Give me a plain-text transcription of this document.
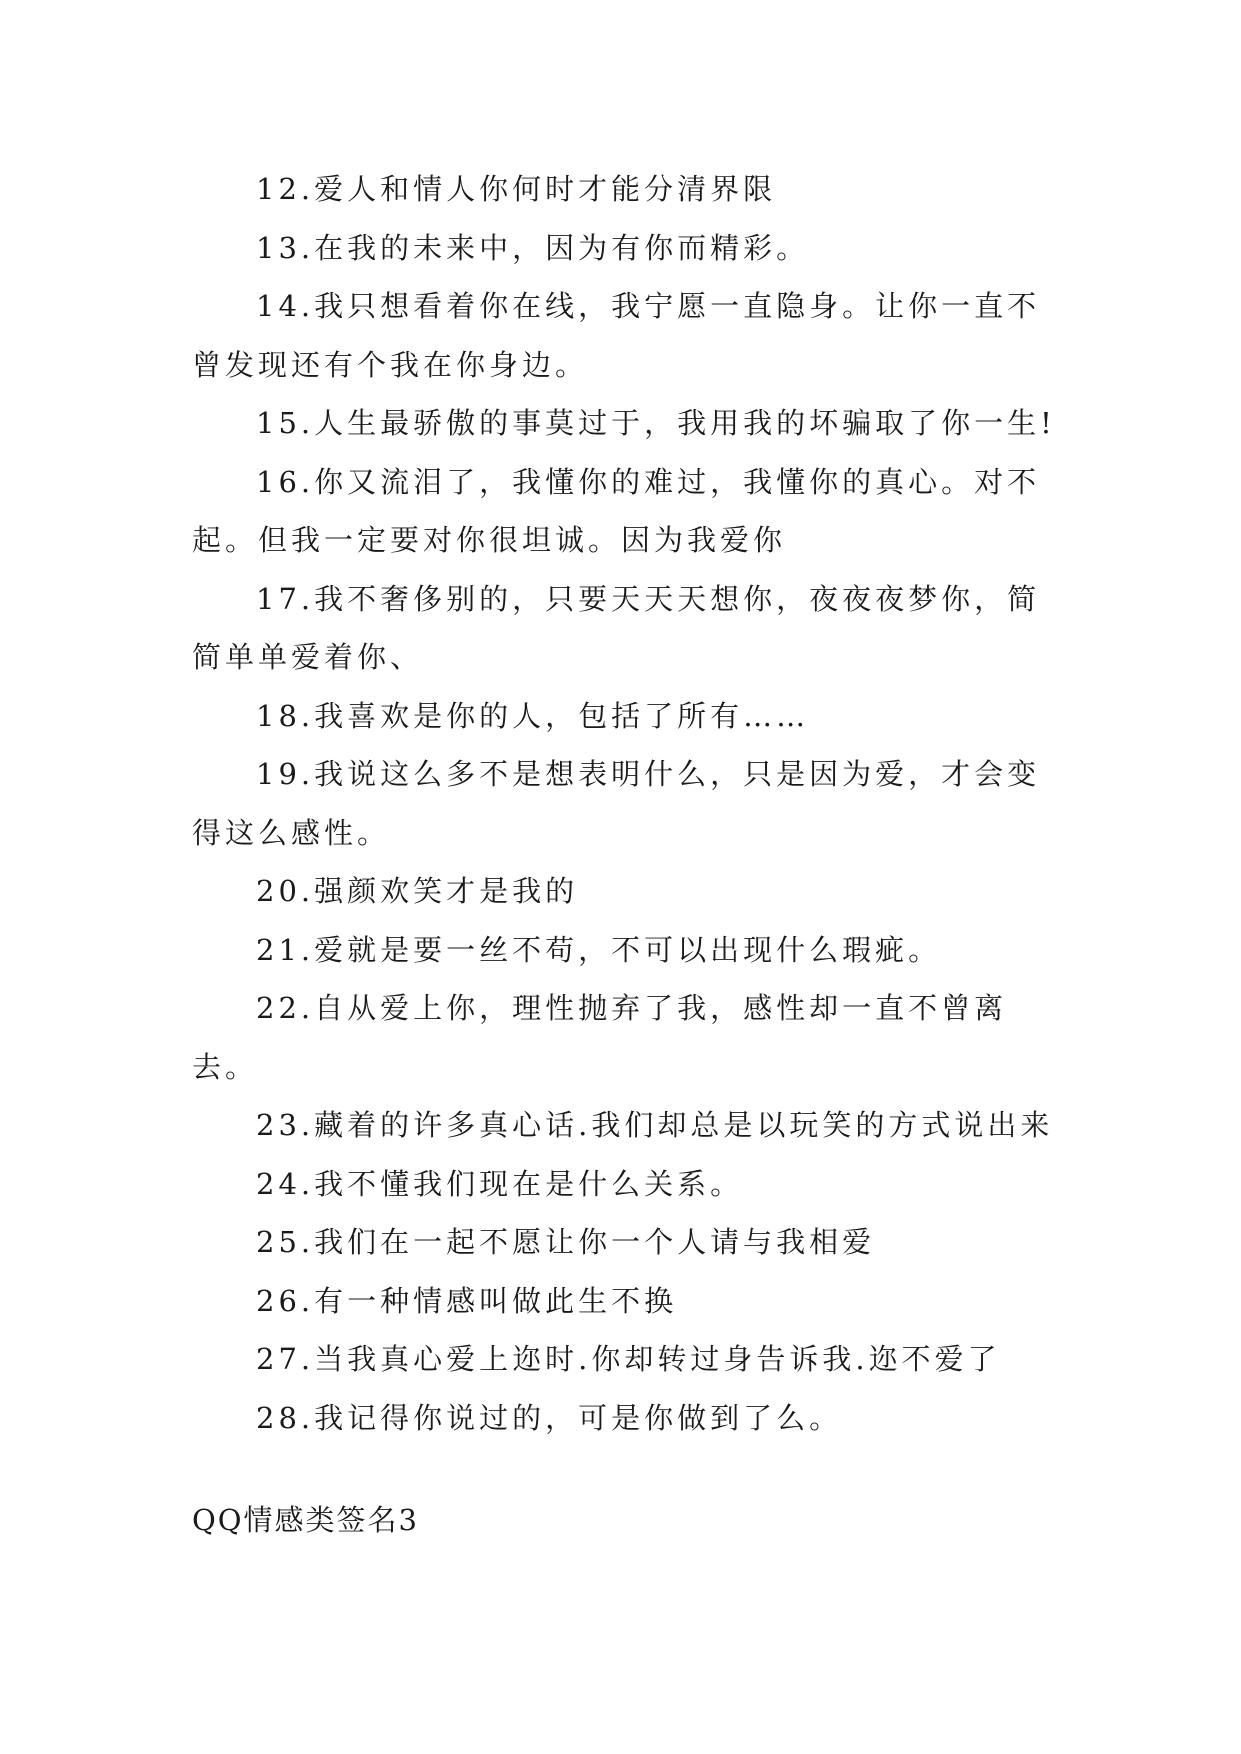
12.爱人和情人你何时才能分清界限

13.在我的未来中，因为有你而精彩。

14.我只想看着你在线，我宁愿一直隐身。让你一直不曾发现还有个我在你身边。

15.人生最骄傲的事莫过于，我用我的坏骗取了你一生!

16.你又流泪了，我懂你的难过，我懂你的真心。对不起。但我一定要对你很坦诚。因为我爱你

17.我不奢侈别的，只要天天天想你，夜夜夜梦你，简简单单爱着你、

18.我喜欢是你的人，包括了所有……

19.我说这么多不是想表明什么，只是因为爱，才会变得这么感性。

20.强颜欢笑才是我的

21.爱就是要一丝不苟，不可以出现什么瑕疵。

22.自从爱上你，理性抛弃了我，感性却一直不曾离去。

23.藏着的许多真心话.我们却总是以玩笑的方式说出来

24.我不懂我们现在是什么关系。

25.我们在一起不愿让你一个人请与我相爱

26.有一种情感叫做此生不换

27.当我真心爱上迩时.你却转过身告诉我.迩不爱了

28.我记得你说过的，可是你做到了么。

QQ情感类签名3
